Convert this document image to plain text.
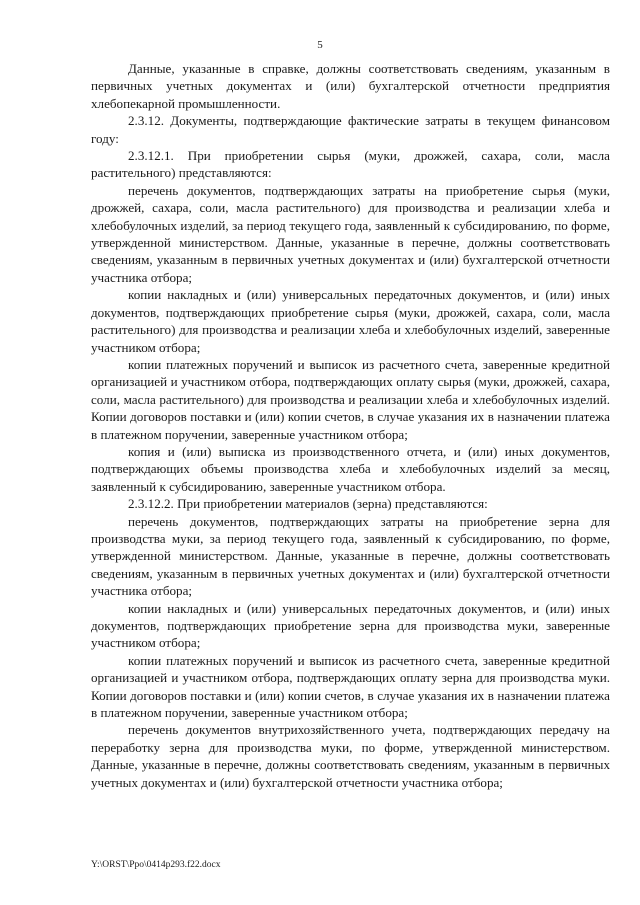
5

Данные, указанные в справке, должны соответствовать сведениям, указанным в первичных учетных документах и (или) бухгалтерской отчетности предприятия хлебопекарной промышленности.

2.3.12. Документы, подтверждающие фактические затраты в текущем финансовом году:

2.3.12.1. При приобретении сырья (муки, дрожжей, сахара, соли, масла растительного) представляются:

перечень документов, подтверждающих затраты на приобретение сырья (муки, дрожжей, сахара, соли, масла растительного) для производства и реализации хлеба и хлебобулочных изделий, за период текущего года, заявленный к субсидированию, по форме, утвержденной министерством. Данные, указанные в перечне, должны соответствовать сведениям, указанным в первичных учетных документах и (или) бухгалтерской отчетности участника отбора;

копии накладных и (или) универсальных передаточных документов, и (или) иных документов, подтверждающих приобретение сырья (муки, дрожжей, сахара, соли, масла растительного) для производства и реализации хлеба и хлебобулочных изделий, заверенные участником отбора;

копии платежных поручений и выписок из расчетного счета, заверенные кредитной организацией и участником отбора, подтверждающих оплату сырья (муки, дрожжей, сахара, соли, масла растительного) для производства и реализации хлеба и хлебобулочных изделий. Копии договоров поставки и (или) копии счетов, в случае указания их в назначении платежа в платежном поручении, заверенные участником отбора;

копия и (или) выписка из производственного отчета, и (или) иных документов, подтверждающих объемы производства хлеба и хлебобулочных изделий за месяц, заявленный к субсидированию, заверенные участником отбора.

2.3.12.2. При приобретении материалов (зерна) представляются:

перечень документов, подтверждающих затраты на приобретение зерна для производства муки, за период текущего года, заявленный к субсидированию, по форме, утвержденной министерством. Данные, указанные в перечне, должны соответствовать сведениям, указанным в первичных учетных документах и (или) бухгалтерской отчетности участника отбора;

копии накладных и (или) универсальных передаточных документов, и (или) иных документов, подтверждающих приобретение зерна для производства муки, заверенные участником отбора;

копии платежных поручений и выписок из расчетного счета, заверенные кредитной организацией и участником отбора, подтверждающих оплату зерна для производства муки. Копии договоров поставки и (или) копии счетов, в случае указания их в назначении платежа в платежном поручении, заверенные участником отбора;

перечень документов внутрихозяйственного учета, подтверждающих передачу на переработку зерна для производства муки, по форме, утвержденной министерством. Данные, указанные в перечне, должны соответствовать сведениям, указанным в первичных учетных документах и (или) бухгалтерской отчетности участника отбора;

Y:\ORST\Ppo\0414p293.f22.docx
